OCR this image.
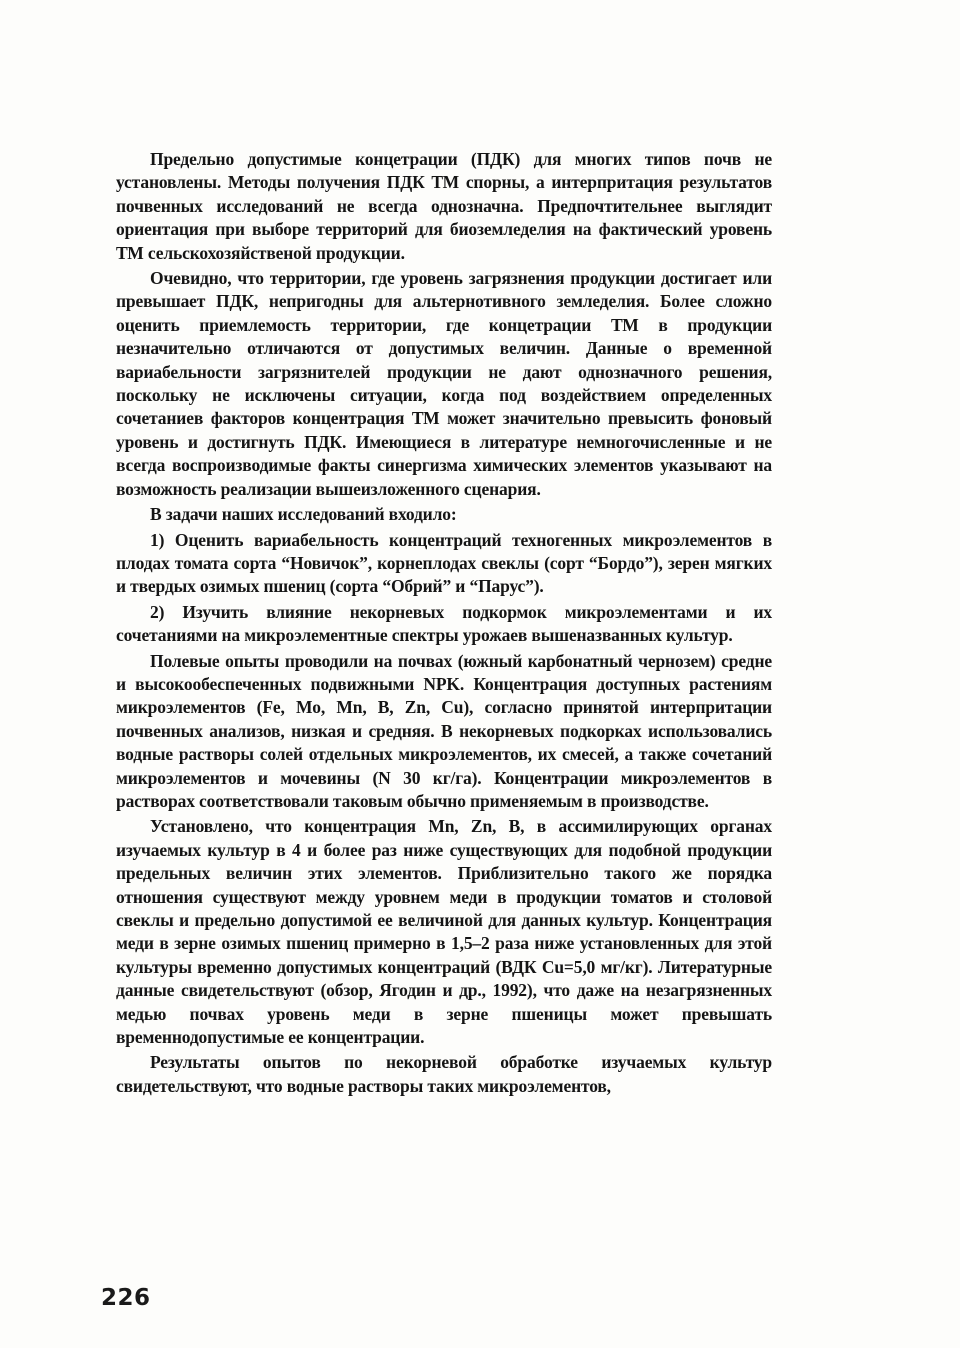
Предельно допустимые концетрации (ПДК) для многих типов почв не установлены. Методы получения ПДК ТМ спорны, а интерпритация результатов почвенных исследований не всегда однозначна. Предпочтительнее выглядит ориентация при выборе территорий для биоземледелия на фактический уровень ТМ сельскохозяйственой продукции.

Очевидно, что территории, где уровень загрязнения продукции достигает или превышает ПДК, непригодны для альтернотивного земледелия. Более сложно оценить приемлемость территории, где концетрации ТМ в продукции незначительно отличаются от допустимых величин. Данные о временной вариабельности загрязнителей продукции не дают однозначного решения, поскольку не исключены ситуации, когда под воздействием определенных сочетаниев факторов концентрация ТМ может значительно превысить фоновый уровень и достигнуть ПДК. Имеющиеся в литературе немногочисленные и не всегда воспроизводимые факты синергизма химических элементов указывают на возможность реализации вышеизложенного сценария.

В задачи наших исследований входило:

1) Оценить вариабельность концентраций техногенных микроэлементов в плодах томата сорта “Новичок”, корнеплодах свеклы (сорт “Бордо”), зерен мягких и твердых озимых пшениц (сорта “Обрий” и “Парус”).

2) Изучить влияние некорневых подкормок микроэлементами и их сочетаниями на микроэлементные спектры урожаев вышеназванных культур.

Полевые опыты проводили на почвах (южный карбонатный чернозем) средне и высокообеспеченных подвижными NPK. Концентрация доступных растениям микроэлементов (Fe, Mo, Mn, B, Zn, Cu), согласно принятой интерпритации почвенных анализов, низкая и средняя. В некорневых подкорках использовались водные растворы солей отдельных микроэлементов, их смесей, а также сочетаний микроэлементов и мочевины (N 30 кг/га). Концентрации микроэлементов в растворах соответствовали таковым обычно применяемым в производстве.

Установлено, что концентрация Mn, Zn, B, в ассимилирующих органах изучаемых культур в 4 и более раз ниже существующих для подобной продукции предельных величин этих элементов. Приблизительно такого же порядка отношения существуют между уровнем меди в продукции томатов и столовой свеклы и предельно допустимой ее величиной для данных культур. Концентрация меди в зерне озимых пшениц примерно в 1,5–2 раза ниже установленных для этой культуры временно допустимых концентраций (ВДК Cu=5,0 мг/кг). Литературные данные свидетельствуют (обзор, Ягодин и др., 1992), что даже на незагрязненных медью почвах уровень меди в зерне пшеницы может превышать временнодопустимые ее концентрации.

Результаты опытов по некорневой обработке изучаемых культур свидетельствуют, что водные растворы таких микроэлементов,

226
